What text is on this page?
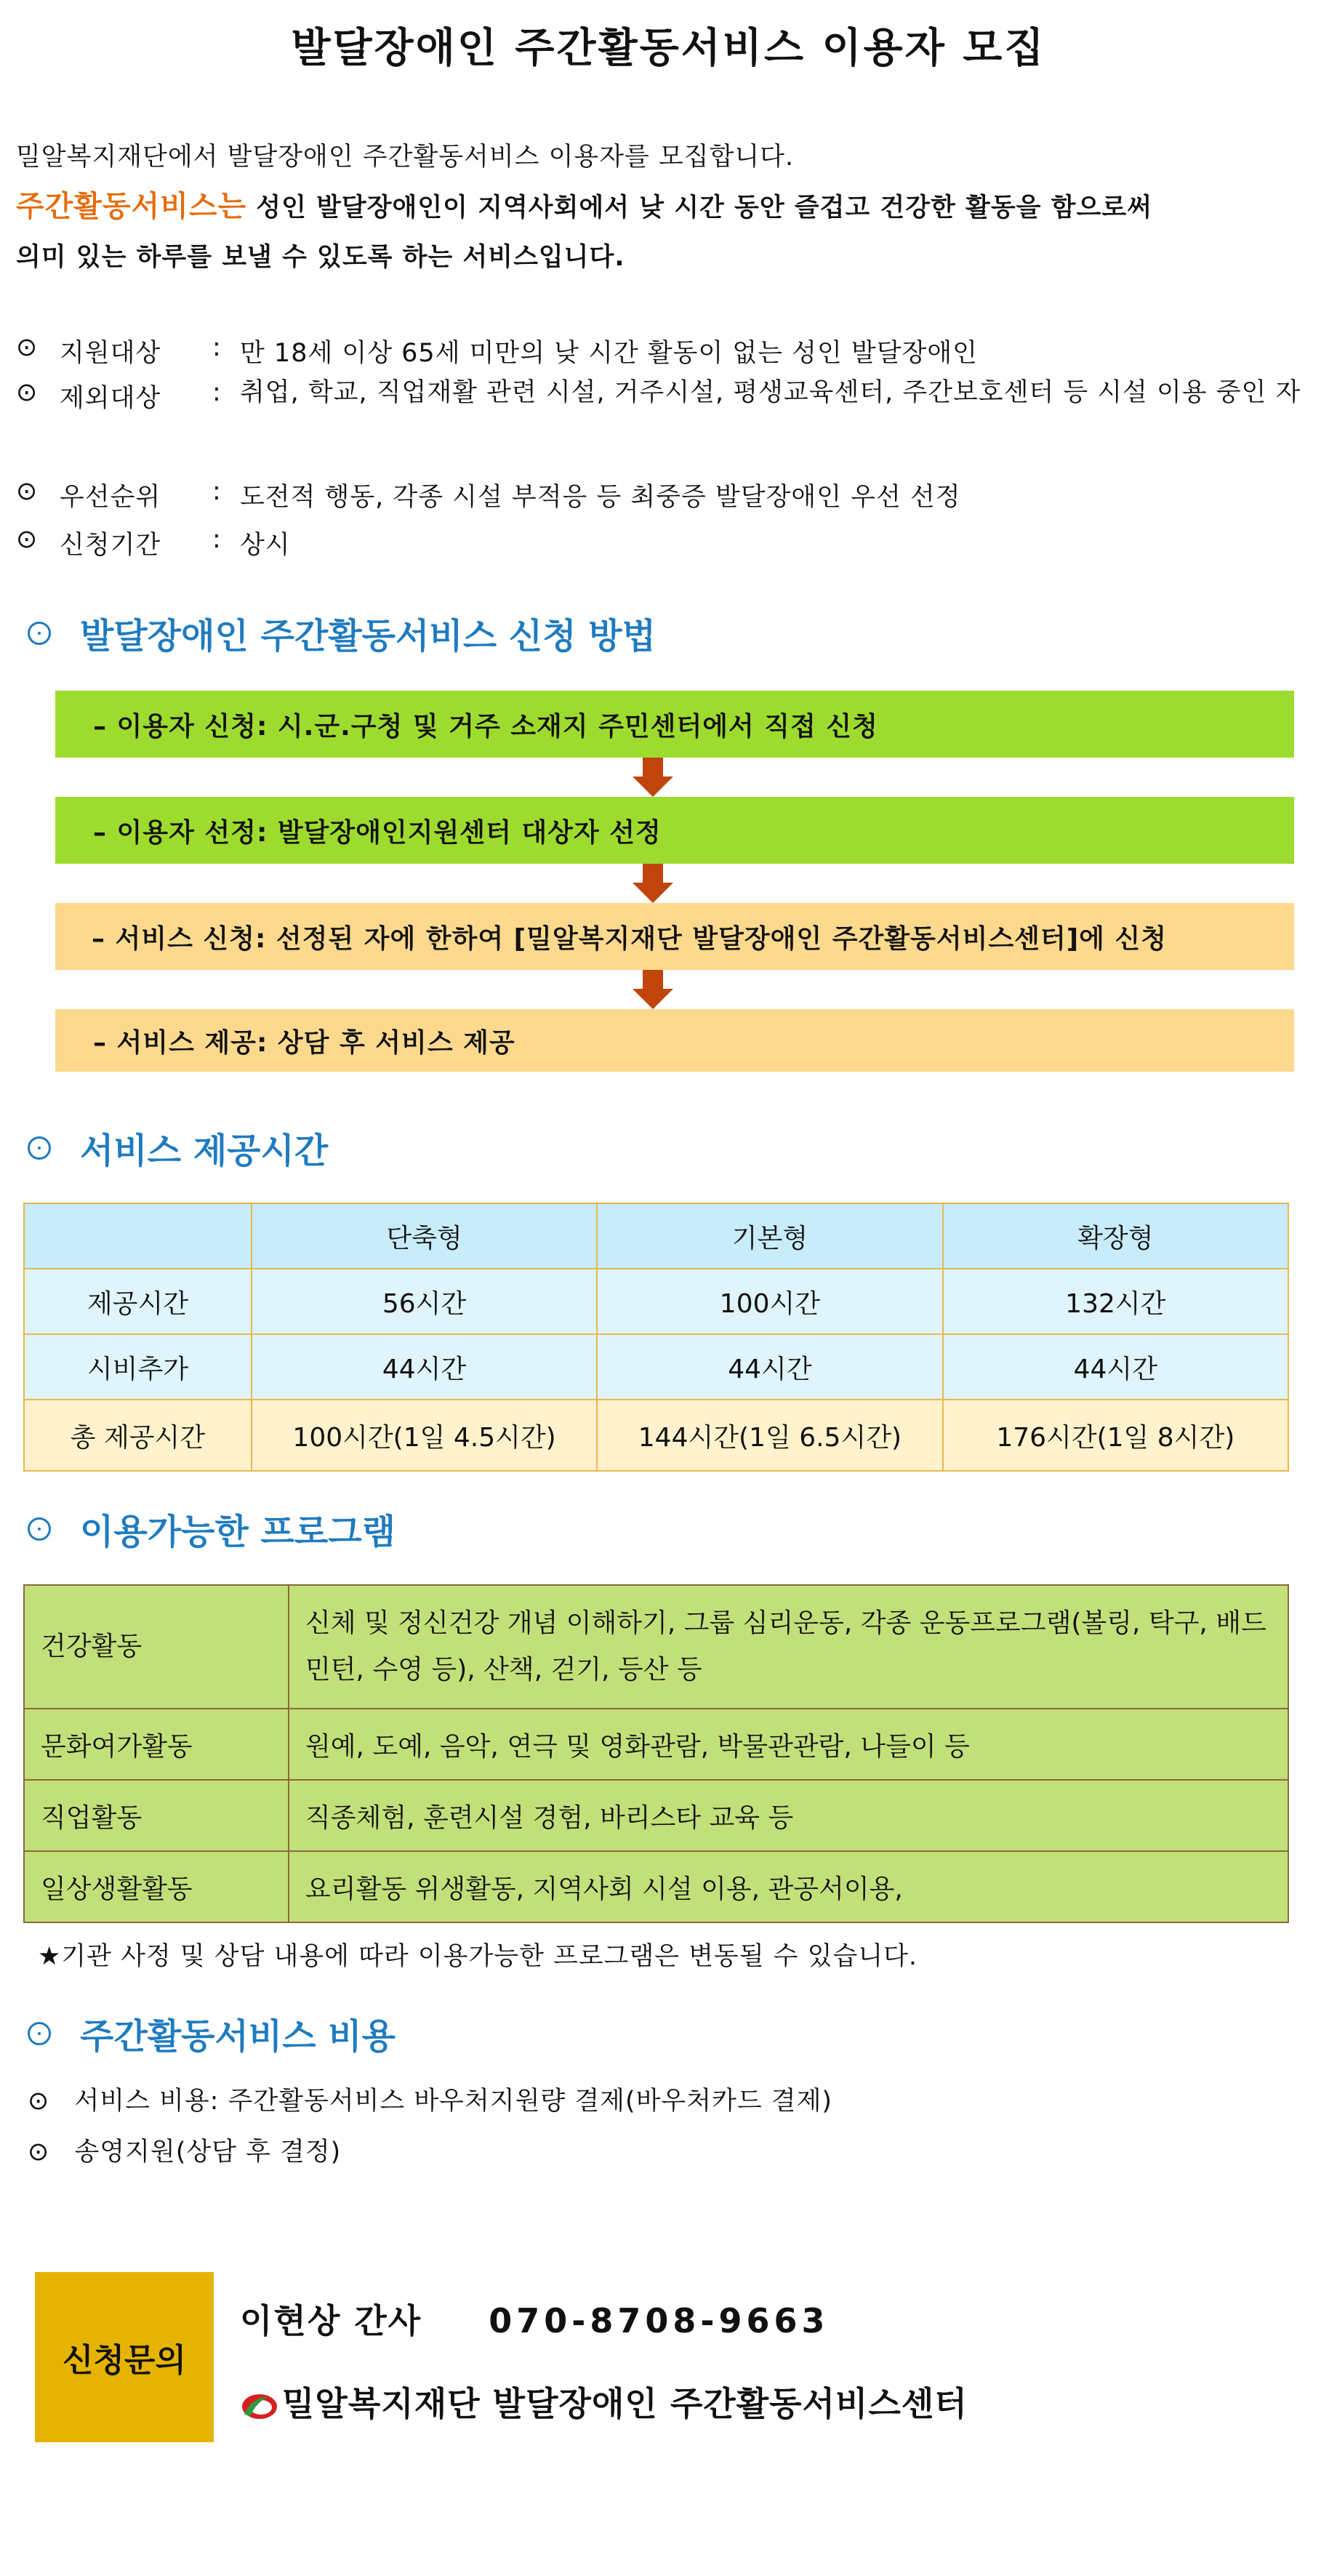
발달장애인 주간활동서비스 이용자 모집
밀알복지재단에서 발달장애인 주간활동서비스 이용자를 모집합니다.
주간활동서비스는 성인 발달장애인이 지역사회에서 낮 시간 동안 즐겁고 건강한 활동을 함으로써
의미 있는 하루를 보낼 수 있도록 하는 서비스입니다.
⊙ 지원대상	: 만 18세 이상 65세 미만의 낮 시간 활동이 없는 성인 발달장애인
⊙ 제외대상	: 취업, 학교, 직업재활 관련 시설, 거주시설, 평생교육센터, 주간보호센터 등 시설 이용 중인 자
⊙ 우선순위	: 도전적 행동, 각종 시설 부적응 등 최중증 발달장애인 우선 선정
⊙ 신청기간	: 상시
발달장애인 주간활동서비스 신청 방법
– 이용자 신청: 시.군.구청 및 거주 소재지 주민센터에서 직접 신청
– 이용자 선정: 발달장애인지원센터 대상자 선정
– 서비스 신청: 선정된 자에 한하여 [밀알복지재단 발달장애인 주간활동서비스센터]에 신청
– 서비스 제공: 상담 후 서비스 제공
서비스 제공시간
	단축형	기본형	확장형
제공시간	56시간	100시간	132시간
시비추가	44시간	44시간	44시간
총 제공시간	100시간(1일 4.5시간)	144시간(1일 6.5시간)	176시간(1일 8시간)
이용가능한 프로그램
건강활동	신체 및 정신건강 개념 이해하기, 그룹 심리운동, 각종 운동프로그램(볼링, 탁구, 배드민턴, 수영 등), 산책, 걷기, 등산 등
문화여가활동	원예, 도예, 음악, 연극 및 영화관람, 박물관관람, 나들이 등
직업활동	직종체험, 훈련시설 경험, 바리스타 교육 등
일상생활활동	요리활동 위생활동, 지역사회 시설 이용, 관공서이용,
★기관 사정 및 상담 내용에 따라 이용가능한 프로그램은 변동될 수 있습니다.
주간활동서비스 비용
⊙ 서비스 비용: 주간활동서비스 바우처지원량 결제(바우처카드 결제)
⊙ 송영지원(상담 후 결정)
신청문의
이현상 간사 070-8708-9663
밀알복지재단 발달장애인 주간활동서비스센터
